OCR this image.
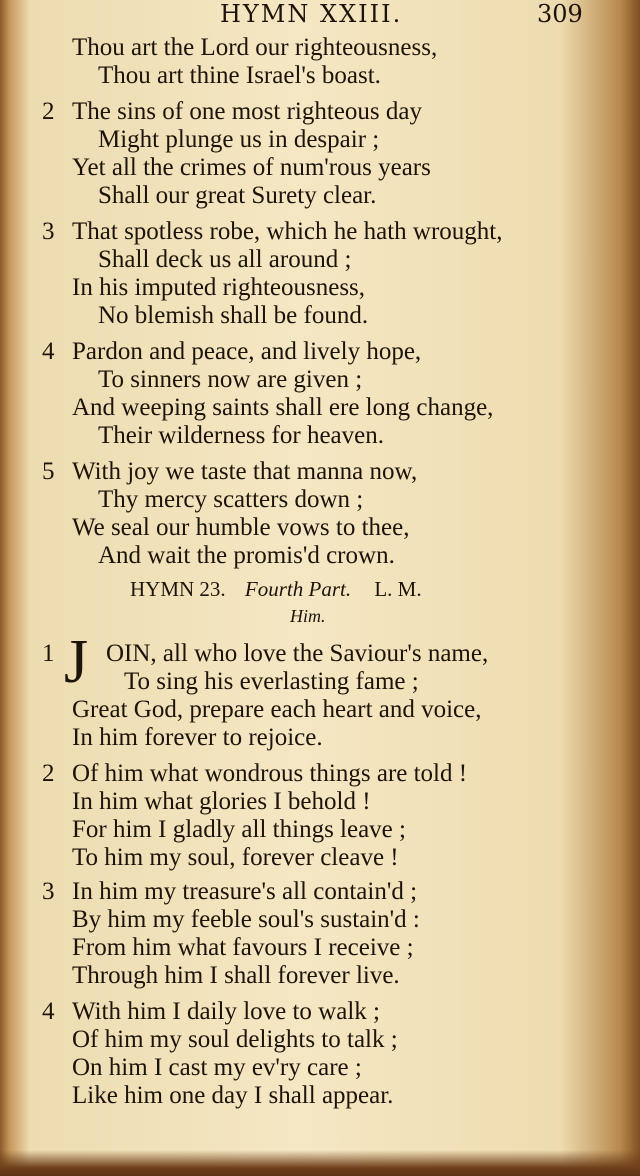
HYMN XXIII.	309
Thou art the Lord our righteousness,
Thou art thine Israel's boast.
2 The sins of one most righteous day
Might plunge us in despair ;
Yet all the crimes of num'rous years
Shall our great Surety clear.
3 That spotless robe, which he hath wrought,
Shall deck us all around ;
In his imputed righteousness,
No blemish shall be found.
4 Pardon and peace, and lively hope,
To sinners now are given ;
And weeping saints shall ere long change,
Their wilderness for heaven.
5 With joy we taste that manna now,
Thy mercy scatters down ;
We seal our humble vows to thee,
And wait the promis'd crown.
HYMN 23. Fourth Part. L. M.
Him.
1 J OIN, all who love the Saviour's name,
To sing his everlasting fame ;
Great God, prepare each heart and voice,
In him forever to rejoice.
2 Of him what wondrous things are told !
In him what glories I behold !
For him I gladly all things leave ;
To him my soul, forever cleave !
3 In him my treasure's all contain'd ;
By him my feeble soul's sustain'd :
From him what favours I receive ;
Through him I shall forever live.
4 With him I daily love to walk ;
Of him my soul delights to talk ;
On him I cast my ev'ry care ;
Like him one day I shall appear.
